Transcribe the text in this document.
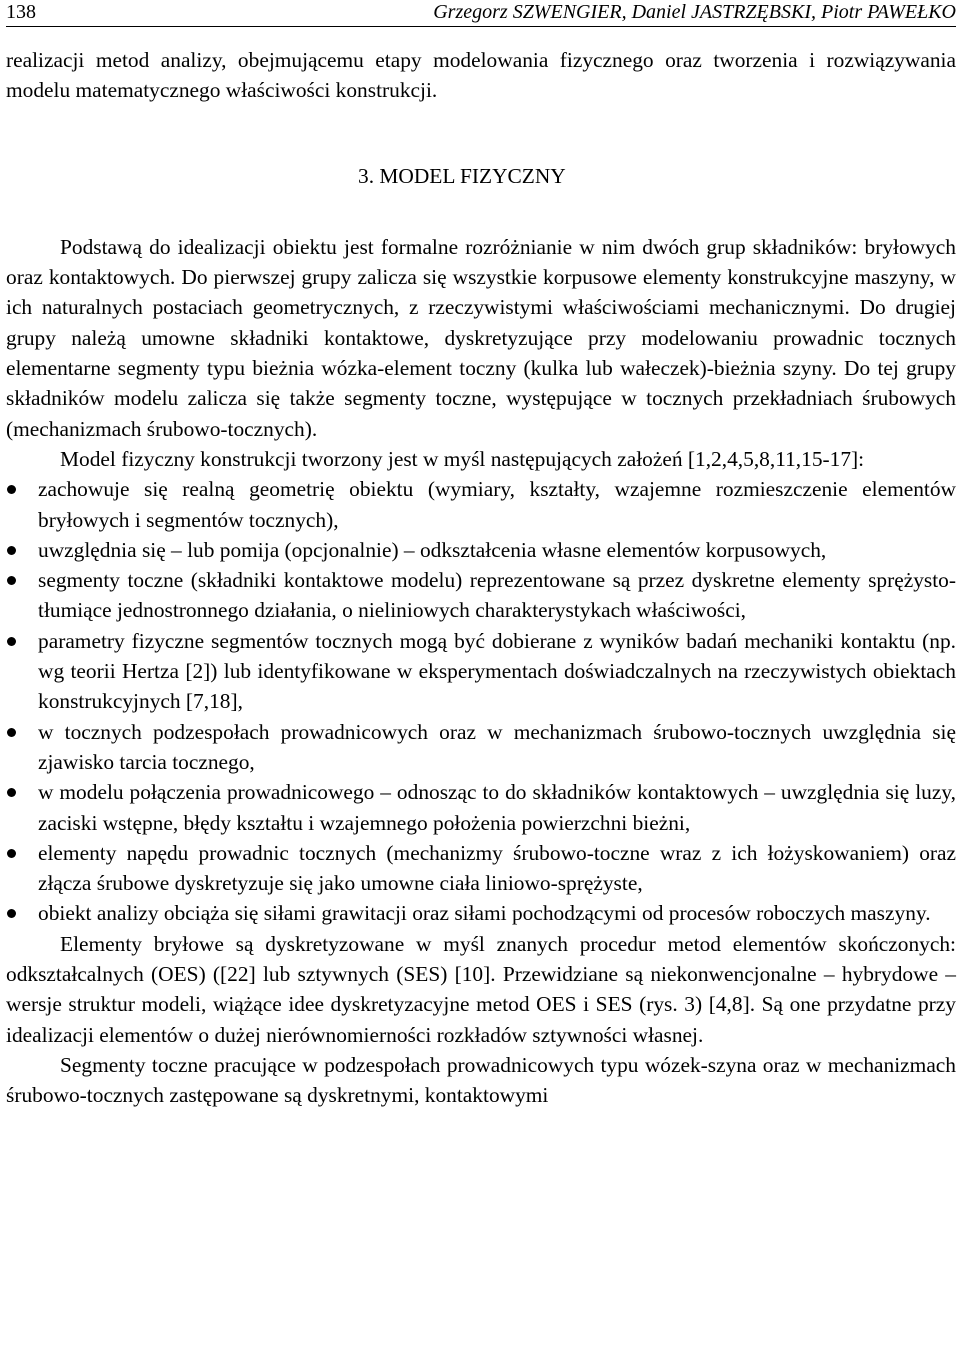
138	Grzegorz SZWENGIER, Daniel JASTRZĘBSKI, Piotr PAWEŁKO

realizacji metod analizy, obejmującemu etapy modelowania fizycznego oraz tworzenia i rozwiązywania modelu matematycznego właściwości konstrukcji.

3. MODEL FIZYCZNY

Podstawą do idealizacji obiektu jest formalne rozróżnianie w nim dwóch grup składników: bryłowych oraz kontaktowych. Do pierwszej grupy zalicza się wszystkie korpusowe elementy konstrukcyjne maszyny, w ich naturalnych postaciach geometrycznych, z rzeczywistymi właściwościami mechanicznymi. Do drugiej grupy należą umowne składniki kontaktowe, dyskretyzujące przy modelowaniu prowadnic tocznych elementarne segmenty typu bieżnia wózka-element toczny (kulka lub wałeczek)-bieżnia szyny. Do tej grupy składników modelu zalicza się także segmenty toczne, występujące w tocznych przekładniach śrubowych (mechanizmach śrubowo-tocznych).

Model fizyczny konstrukcji tworzony jest w myśl następujących założeń [1,2,4,5,8,11,15-17]:

zachowuje się realną geometrię obiektu (wymiary, kształty, wzajemne rozmieszczenie elementów bryłowych i segmentów tocznych),
uwzględnia się – lub pomija (opcjonalnie) – odkształcenia własne elementów korpusowych,
segmenty toczne (składniki kontaktowe modelu) reprezentowane są przez dyskretne elementy sprężysto-tłumiące jednostronnego działania, o nieliniowych charakterystykach właściwości,
parametry fizyczne segmentów tocznych mogą być dobierane z wyników badań mechaniki kontaktu (np. wg teorii Hertza [2]) lub identyfikowane w eksperymentach doświadczalnych na rzeczywistych obiektach konstrukcyjnych [7,18],
w tocznych podzespołach prowadnicowych oraz w mechanizmach śrubowo-tocznych uwzględnia się zjawisko tarcia tocznego,
w modelu połączenia prowadnicowego – odnosząc to do składników kontaktowych – uwzględnia się luzy, zaciski wstępne, błędy kształtu i wzajemnego położenia powierzchni bieżni,
elementy napędu prowadnic tocznych (mechanizmy śrubowo-toczne wraz z ich łożyskowaniem) oraz złącza śrubowe dyskretyzuje się jako umowne ciała liniowo-sprężyste,
obiekt analizy obciąża się siłami grawitacji oraz siłami pochodzącymi od procesów roboczych maszyny.

Elementy bryłowe są dyskretyzowane w myśl znanych procedur metod elementów skończonych: odkształcalnych (OES) ([22] lub sztywnych (SES) [10]. Przewidziane są niekonwencjonalne – hybrydowe – wersje struktur modeli, wiążące idee dyskretyzacyjne metod OES i SES (rys. 3) [4,8]. Są one przydatne przy idealizacji elementów o dużej nierównomierności rozkładów sztywności własnej.

Segmenty toczne pracujące w podzespołach prowadnicowych typu wózek-szyna oraz w mechanizmach śrubowo-tocznych zastępowane są dyskretnymi, kontaktowymi
